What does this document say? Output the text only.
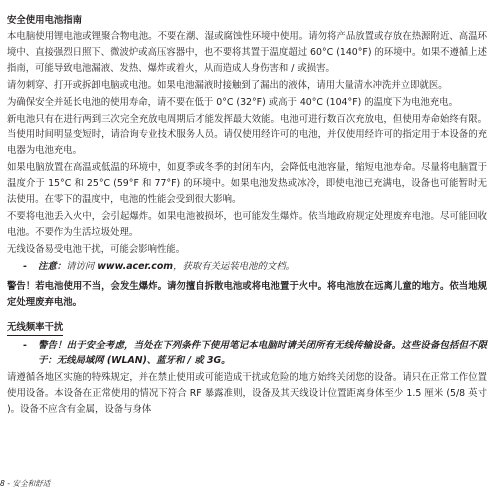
安全使用电池指南
本电脑使用锂电池或锂聚合物电池。不要在潮、湿或腐蚀性环境中使用。请勿将产品放置或存放在热源附近、高温环境中、直接强烈日照下、微波炉或高压容器中，也不要将其置于温度超过 60°C (140°F) 的环境中。如果不遵循上述指南，可能导致电池漏液、发热、爆炸或着火，从而造成人身伤害和 / 或损害。
请勿刺穿、打开或拆卸电脑或电池。如果电池漏液时接触到了漏出的液体，请用大量清水冲洗并立即就医。
为确保安全并延长电池的使用寿命，请不要在低于 0°C (32°F) 或高于 40°C (104°F) 的温度下为电池充电。
新电池只有在进行两到三次完全充放电周期后才能发挥最大效能。电池可进行数百次充放电，但使用寿命始终有限。当使用时间明显变短时，请洽询专业技术服务人员。请仅使用经许可的电池，并仅使用经许可的指定用于本设备的充电器为电池充电。
如果电脑放置在高温或低温的环境中，如夏季或冬季的封闭车内，会降低电池容量，缩短电池寿命。尽量将电脑置于温度介于 15°C 和 25°C (59°F 和 77°F) 的环境中。如果电池发热或冰冷，即使电池已充满电，设备也可能暂时无法使用。在零下的温度中，电池的性能会受到很大影响。
不要将电池丢入火中，会引起爆炸。如果电池被损坏，也可能发生爆炸。依当地政府规定处理废弃电池。尽可能回收电池。不要作为生活垃圾处理。
无线设备易受电池干扰，可能会影响性能。
- 注意：请访问 www.acer.com，获取有关运装电池的文档。
警告！若电池使用不当，会发生爆炸。请勿擅自拆散电池或将电池置于火中。将电池放在远离儿童的地方。依当地规定处理废弃电池。
无线频率干扰
- 警告！出于安全考虑，当处在下列条件下使用笔记本电脑时请关闭所有无线传输设备。这些设备包括但不限于：无线局域网 (WLAN)、蓝牙和 / 或 3G。
请遵循各地区实施的特殊规定，并在禁止使用或可能造成干扰或危险的地方始终关闭您的设备。请只在正常工作位置使用设备。本设备在正常使用的情况下符合 RF 暴露准则，设备及其天线设计位置距离身体至少 1.5 厘米 (5/8 英寸 )。设备不应含有金属，设备与身体
8 - 安全和舒适
